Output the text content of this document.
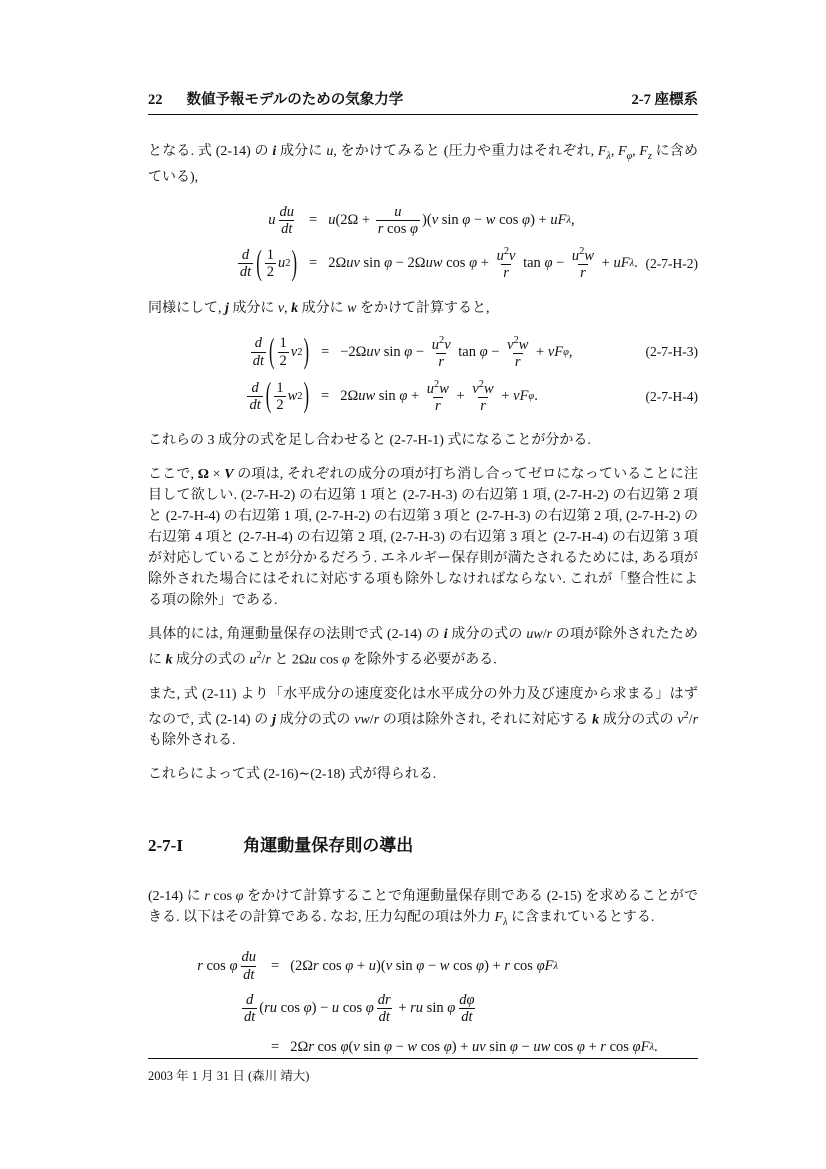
22 数値予報モデルのための気象力学	2-7 座標系
となる. 式 (2-14) の i 成分に u, をかけてみると (圧力や重力はそれぞれ, $F_\lambda$, $F_\varphi$, $F_z$ に含めている),
u $\frac{du}{dt} = u$ ($2\Omega + \frac{u}{\text{r cos φ}}$ )( v sin φ − w cos φ ) + u F λ ,
$\frac{d}{dt}$ ( $\frac{1}{2}$ u 2 ) = 2Ω uv sin φ − 2Ω uw $\cos \varphi + \frac{u^2v}{r}$ $\tan \varphi - \frac{u^2w}{r} + u$ F λ . (2-7-H-2)
同様にして, j 成分に v, k 成分に w をかけて計算すると,
$\frac{d}{dt}$ ( $\frac{1}{2}$ v 2 ) = −2Ω uv $\sin \varphi - \frac{u^2v}{r}$ $\tan \varphi - \frac{v^2w}{r} + v$ F φ ,	(2-7-H-3)
$\frac{d}{dt}$ ( $\frac{1}{2}$ w 2 ) = 2Ω uw $\sin \varphi + \frac{u^2w}{r} + \frac{v^2w}{r} + v$ F φ .	(2-7-H-4)
これらの 3 成分の式を足し合わせると (2-7-H-1) 式になることが分かる.
ここで, Ω × V の項は, それぞれの成分の項が打ち消し合ってゼロになっていることに注目して欲しい. (2-7-H-2) の右辺第 1 項と (2-7-H-3) の右辺第 1 項, (2-7-H-2) の右辺第 2 項と (2-7-H-4) の右辺第 1 項, (2-7-H-2) の右辺第 3 項と (2-7-H-3) の右辺第 2 項, (2-7-H-2) の右辺第 4 項と (2-7-H-4) の右辺第 2 項, (2-7-H-3) の右辺第 3 項と (2-7-H-4) の右辺第 3 項が対応していることが分かるだろう. エネルギー保存則が満たされるためには, ある項が除外された場合にはそれに対応する項も除外しなければならない. これが「整合性による項の除外」である.
具体的には, 角運動量保存の法則で式 (2-14) の i 成分の式の uw/r の項が除外されたために k 成分の式の $u^2/r$ と 2Ωu cos φ を除外する必要がある.
また, 式 (2-11) より「水平成分の速度変化は水平成分の外力及び速度から求まる」はずなので, 式 (2-14) の j 成分の式の vw/r の項は除外され, それに対応する k 成分の式の $v^2/r$ も除外される.
これらによって式 (2-16)∼(2-18) 式が得られる.
2-7-I	角運動量保存則の導出
(2-14) に r cos φ をかけて計算することで角運動量保存則である (2-15) を求めることができる. 以下はその計算である. なお, 圧力勾配の項は外力 $F_\lambda$ に含まれているとする.
r cos φ $\frac{du}{dt} = (2\Omega$ r cos φ + u )( v sin φ − w cos φ ) + r cos φ F λ
$\frac{d}{dt}$ ( ru cos φ ) − u cos φ $\frac{dr}{dt}$ + ru sin φ $\frac{d\varphi}{dt}$
= 2Ω r cos φ ( v sin φ − w cos φ ) + uv sin φ − uw cos φ + r cos φ F λ .
2003 年 1 月 31 日 (森川 靖大)
